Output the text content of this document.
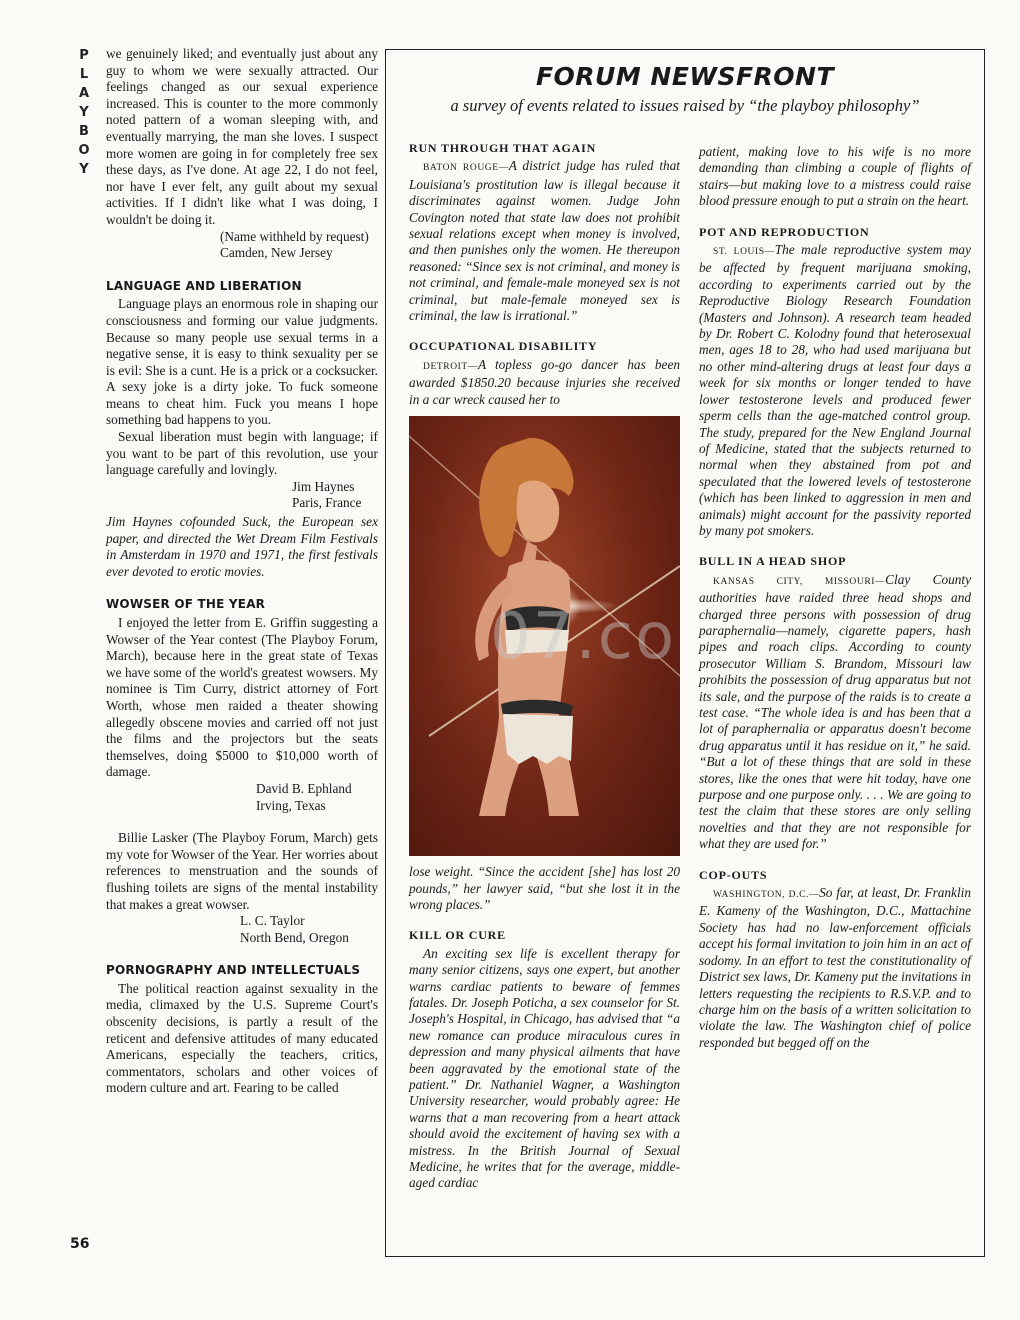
P
L
A
Y
B
O
Y
56

we genuinely liked; and eventually just about any guy to whom we were sexually attracted. Our feelings changed as our sexual experience increased. This is counter to the more commonly noted pattern of a woman sleeping with, and eventually marrying, the man she loves. I suspect more women are going in for completely free sex these days, as I've done. At age 22, I do not feel, nor have I ever felt, any guilt about my sexual activities. If I didn't like what I was doing, I wouldn't be doing it.

(Name withheld by request)

Camden, New Jersey

LANGUAGE AND LIBERATION

Language plays an enormous role in shaping our consciousness and forming our value judgments. Because so many people use sexual terms in a negative sense, it is easy to think sexuality per se is evil: She is a cunt. He is a prick or a cocksucker. A sexy joke is a dirty joke. To fuck someone means to cheat him. Fuck you means I hope something bad happens to you.

Sexual liberation must begin with language; if you want to be part of this revolution, use your language carefully and lovingly.

Jim Haynes

Paris, France

Jim Haynes cofounded Suck, the European sex paper, and directed the Wet Dream Film Festivals in Amsterdam in 1970 and 1971, the first festivals ever devoted to erotic movies.

WOWSER OF THE YEAR

I enjoyed the letter from E. Griffin suggesting a Wowser of the Year contest (The Playboy Forum, March), because here in the great state of Texas we have some of the world's greatest wowsers. My nominee is Tim Curry, district attorney of Fort Worth, whose men raided a theater showing allegedly obscene movies and carried off not just the films and the projectors but the seats themselves, doing $5000 to $10,000 worth of damage.

David B. Ephland

Irving, Texas

Billie Lasker (The Playboy Forum, March) gets my vote for Wowser of the Year. Her worries about references to menstruation and the sounds of flushing toilets are signs of the mental instability that makes a great wowser.

L. C. Taylor

North Bend, Oregon

PORNOGRAPHY AND INTELLECTUALS

The political reaction against sexuality in the media, climaxed by the U.S. Supreme Court's obscenity decisions, is partly a result of the reticent and defensive attitudes of many educated Americans, especially the teachers, critics, commentators, scholars and other voices of modern culture and art. Fearing to be called

FORUM NEWSFRONT
a survey of events related to issues raised by “the playboy philosophy”

RUN THROUGH THAT AGAIN

BATON ROUGE—A district judge has ruled that Louisiana's prostitution law is illegal because it discriminates against women. Judge John Covington noted that state law does not prohibit sexual relations except when money is involved, and then punishes only the women. He thereupon reasoned: “Since sex is not criminal, and money is not criminal, and female-male moneyed sex is not criminal, but male-female moneyed sex is criminal, the law is irrational.”

OCCUPATIONAL DISABILITY

DETROIT—A topless go-go dancer has been awarded $1850.20 because injuries she received in a car wreck caused her to

lose weight. “Since the accident [she] has lost 20 pounds,” her lawyer said, “but she lost it in the wrong places.”

KILL OR CURE

An exciting sex life is excellent therapy for many senior citizens, says one expert, but another warns cardiac patients to beware of femmes fatales. Dr. Joseph Poticha, a sex counselor for St. Joseph's Hospital, in Chicago, has advised that “a new romance can produce miraculous cures in depression and many physical ailments that have been aggravated by the emotional state of the patient.” Dr. Nathaniel Wagner, a Washington University researcher, would probably agree: He warns that a man recovering from a heart attack should avoid the excitement of having sex with a mistress. In the British Journal of Sexual Medicine, he writes that for the average, middle-aged cardiac

patient, making love to his wife is no more demanding than climbing a couple of flights of stairs—but making love to a mistress could raise blood pressure enough to put a strain on the heart.

POT AND REPRODUCTION

ST. LOUIS—The male reproductive system may be affected by frequent marijuana smoking, according to experiments carried out by the Reproductive Biology Research Foundation (Masters and Johnson). A research team headed by Dr. Robert C. Kolodny found that heterosexual men, ages 18 to 28, who had used marijuana but no other mind-altering drugs at least four days a week for six months or longer tended to have lower testosterone levels and produced fewer sperm cells than the age-matched control group. The study, prepared for the New England Journal of Medicine, stated that the subjects returned to normal when they abstained from pot and speculated that the lowered levels of testosterone (which has been linked to aggression in men and animals) might account for the passivity reported by many pot smokers.

BULL IN A HEAD SHOP

KANSAS CITY, MISSOURI—Clay County authorities have raided three head shops and charged three persons with possession of drug paraphernalia—namely, cigarette papers, hash pipes and roach clips. According to county prosecutor William S. Brandom, Missouri law prohibits the possession of drug apparatus but not its sale, and the purpose of the raids is to create a test case. “The whole idea is and has been that a lot of paraphernalia or apparatus doesn't become drug apparatus until it has residue on it,” he said. “But a lot of these things that are sold in these stores, like the ones that were hit today, have one purpose and one purpose only. . . . We are going to test the claim that these stores are only selling novelties and that they are not responsible for what they are used for.”

COP-OUTS

WASHINGTON, D.C.—So far, at least, Dr. Franklin E. Kameny of the Washington, D.C., Mattachine Society has had no law-enforcement officials accept his formal invitation to join him in an act of sodomy. In an effort to test the constitutionality of District sex laws, Dr. Kameny put the invitations in letters requesting the recipients to R.S.V.P. and to charge him on the basis of a written solicitation to violate the law. The Washington chief of police responded but begged off on the

07.co
